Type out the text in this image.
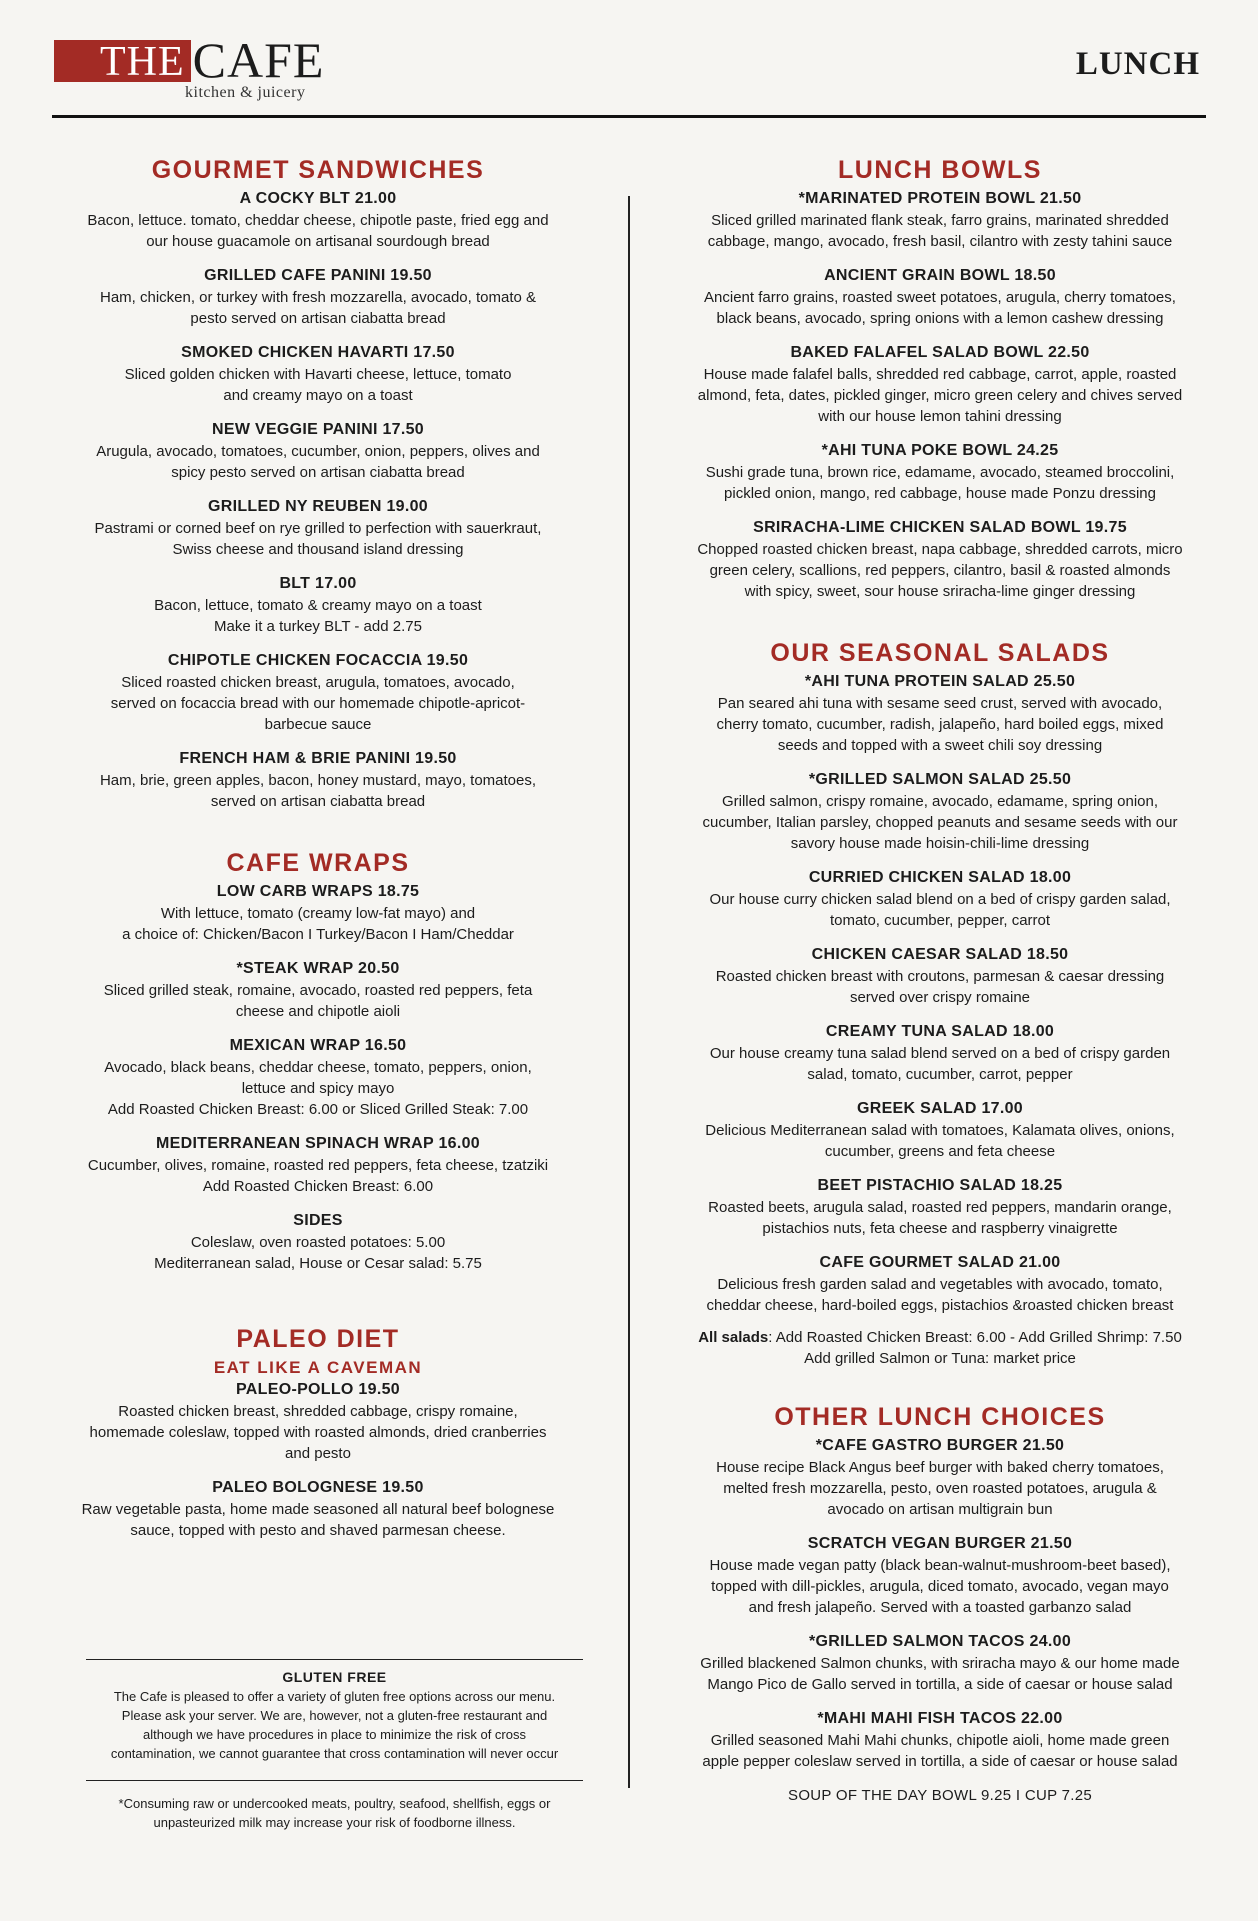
THE CAFE
kitchen & juicery
LUNCH
GOURMET SANDWICHES
A COCKY BLT 21.00
Bacon, lettuce. tomato, cheddar cheese, chipotle paste, fried egg and
our house guacamole on artisanal sourdough bread
GRILLED CAFE PANINI 19.50
Ham, chicken, or turkey with fresh mozzarella, avocado, tomato &
pesto served on artisan ciabatta bread
SMOKED CHICKEN HAVARTI 17.50
Sliced golden chicken with Havarti cheese, lettuce, tomato
and creamy mayo on a toast
NEW VEGGIE PANINI 17.50
Arugula, avocado, tomatoes, cucumber, onion, peppers, olives and
spicy pesto served on artisan ciabatta bread
GRILLED NY REUBEN 19.00
Pastrami or corned beef on rye grilled to perfection with sauerkraut,
Swiss cheese and thousand island dressing
BLT 17.00
Bacon, lettuce, tomato & creamy mayo on a toast
Make it a turkey BLT - add 2.75
CHIPOTLE CHICKEN FOCACCIA 19.50
Sliced roasted chicken breast, arugula, tomatoes, avocado,
served on focaccia bread with our homemade chipotle-apricot-
barbecue sauce
FRENCH HAM & BRIE PANINI 19.50
Ham, brie, green apples, bacon, honey mustard, mayo, tomatoes,
served on artisan ciabatta bread
CAFE WRAPS
LOW CARB WRAPS 18.75
With lettuce, tomato (creamy low-fat mayo) and
a choice of: Chicken/Bacon I Turkey/Bacon I Ham/Cheddar
*STEAK WRAP 20.50
Sliced grilled steak, romaine, avocado, roasted red peppers, feta
cheese and chipotle aioli
MEXICAN WRAP 16.50
Avocado, black beans, cheddar cheese, tomato, peppers, onion,
lettuce and spicy mayo
Add Roasted Chicken Breast: 6.00 or Sliced Grilled Steak: 7.00
MEDITERRANEAN SPINACH WRAP 16.00
Cucumber, olives, romaine, roasted red peppers, feta cheese, tzatziki
Add Roasted Chicken Breast: 6.00
SIDES
Coleslaw, oven roasted potatoes: 5.00
Mediterranean salad, House or Cesar salad: 5.75
PALEO DIET
EAT LIKE A CAVEMAN
PALEO-POLLO 19.50
Roasted chicken breast, shredded cabbage, crispy romaine,
homemade coleslaw, topped with roasted almonds, dried cranberries
and pesto
PALEO BOLOGNESE 19.50
Raw vegetable pasta, home made seasoned all natural beef bolognese
sauce, topped with pesto and shaved parmesan cheese.
LUNCH BOWLS
*MARINATED PROTEIN BOWL 21.50
Sliced grilled marinated flank steak, farro grains, marinated shredded
cabbage, mango, avocado, fresh basil, cilantro with zesty tahini sauce
ANCIENT GRAIN BOWL 18.50
Ancient farro grains, roasted sweet potatoes, arugula, cherry tomatoes,
black beans, avocado, spring onions with a lemon cashew dressing
BAKED FALAFEL SALAD BOWL 22.50
House made falafel balls, shredded red cabbage, carrot, apple, roasted
almond, feta, dates, pickled ginger, micro green celery and chives served
with our house lemon tahini dressing
*AHI TUNA POKE BOWL 24.25
Sushi grade tuna, brown rice, edamame, avocado, steamed broccolini,
pickled onion, mango, red cabbage, house made Ponzu dressing
SRIRACHA-LIME CHICKEN SALAD BOWL 19.75
Chopped roasted chicken breast, napa cabbage, shredded carrots, micro
green celery, scallions, red peppers, cilantro, basil & roasted almonds
with spicy, sweet, sour house sriracha-lime ginger dressing
OUR SEASONAL SALADS
*AHI TUNA PROTEIN SALAD 25.50
Pan seared ahi tuna with sesame seed crust, served with avocado,
cherry tomato, cucumber, radish, jalapeño, hard boiled eggs, mixed
seeds and topped with a sweet chili soy dressing
*GRILLED SALMON SALAD 25.50
Grilled salmon, crispy romaine, avocado, edamame, spring onion,
cucumber, Italian parsley, chopped peanuts and sesame seeds with our
savory house made hoisin-chili-lime dressing
CURRIED CHICKEN SALAD 18.00
Our house curry chicken salad blend on a bed of crispy garden salad,
tomato, cucumber, pepper, carrot
CHICKEN CAESAR SALAD 18.50
Roasted chicken breast with croutons, parmesan & caesar dressing
served over crispy romaine
CREAMY TUNA SALAD 18.00
Our house creamy tuna salad blend served on a bed of crispy garden
salad, tomato, cucumber, carrot, pepper
GREEK SALAD 17.00
Delicious Mediterranean salad with tomatoes, Kalamata olives, onions,
cucumber, greens and feta cheese
BEET PISTACHIO SALAD 18.25
Roasted beets, arugula salad, roasted red peppers, mandarin orange,
pistachios nuts, feta cheese and raspberry vinaigrette
CAFE GOURMET SALAD 21.00
Delicious fresh garden salad and vegetables with avocado, tomato,
cheddar cheese, hard-boiled eggs, pistachios &roasted chicken breast
All salads: Add Roasted Chicken Breast: 6.00 - Add Grilled Shrimp: 7.50
Add grilled Salmon or Tuna: market price
OTHER LUNCH CHOICES
*CAFE GASTRO BURGER 21.50
House recipe Black Angus beef burger with baked cherry tomatoes,
melted fresh mozzarella, pesto, oven roasted potatoes, arugula &
avocado on artisan multigrain bun
SCRATCH VEGAN BURGER 21.50
House made vegan patty (black bean-walnut-mushroom-beet based),
topped with dill-pickles, arugula, diced tomato, avocado, vegan mayo
and fresh jalapeño. Served with a toasted garbanzo salad
*GRILLED SALMON TACOS 24.00
Grilled blackened Salmon chunks, with sriracha mayo & our home made
Mango Pico de Gallo served in tortilla, a side of caesar or house salad
*MAHI MAHI FISH TACOS 22.00
Grilled seasoned Mahi Mahi chunks, chipotle aioli, home made green
apple pepper coleslaw served in tortilla, a side of caesar or house salad
SOUP OF THE DAY BOWL 9.25 I CUP 7.25
GLUTEN FREE
The Cafe is pleased to offer a variety of gluten free options across our menu.
Please ask your server. We are, however, not a gluten-free restaurant and
although we have procedures in place to minimize the risk of cross
contamination, we cannot guarantee that cross contamination will never occur
*Consuming raw or undercooked meats, poultry, seafood, shellfish, eggs or
unpasteurized milk may increase your risk of foodborne illness.
